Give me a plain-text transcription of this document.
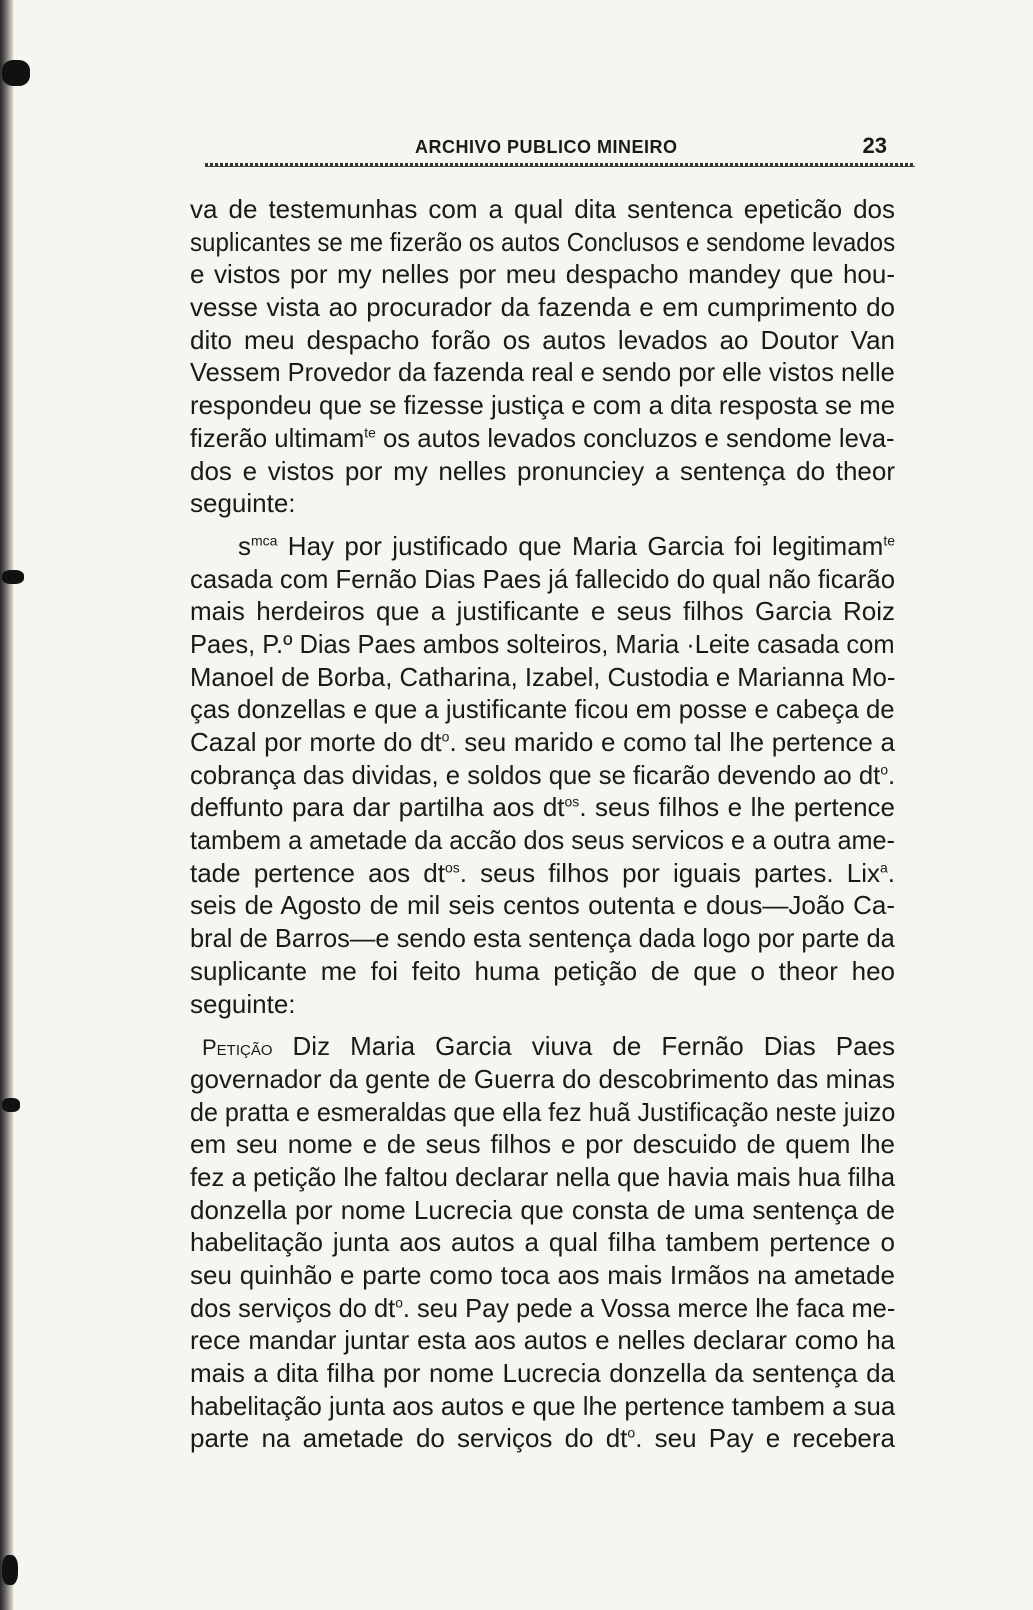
ARCHIVO PUBLICO MINEIRO	23
va de testemunhas com a qual dita sentenca epeticão dos
suplicantes se me fizerão os autos Conclusos e sendome levados
e vistos por my nelles por meu despacho mandey que hou-
vesse vista ao procurador da fazenda e em cumprimento do
dito meu despacho forão os autos levados ao Doutor Van
Vessem Provedor da fazenda real e sendo por elle vistos nelle
respondeu que se fizesse justiça e com a dita resposta se me
fizerão ultimam$^{te}$ os autos levados concluzos e sendome leva-
dos e vistos por my nelles pronunciey a sentença do theor
seguinte:
$s^{mca}$ Hay por justificado que Maria Garcia foi legitimam$^{te}$
casada com Fernão Dias Paes já fallecido do qual não ficarão
mais herdeiros que a justificante e seus filhos Garcia Roiz
Paes, P.º Dias Paes ambos solteiros, Maria ·Leite casada com
Manoel de Borba, Catharina, Izabel, Custodia e Marianna Mo-
ças donzellas e que a justificante ficou em posse e cabeça de
Cazal por morte do $dt^o$. seu marido e como tal lhe pertence a
cobrança das dividas, e soldos que se ficarão devendo ao $dt^o$.
deffunto para dar partilha aos $dt^{os}$. seus filhos e lhe pertence
tambem a ametade da accão dos seus servicos e a outra ame-
tade pertence aos $dt^{os}$. seus filhos por iguais partes. Lix$^a$.
seis de Agosto de mil seis centos outenta e dous—João Ca-
bral de Barros—e sendo esta sentença dada logo por parte da
suplicante me foi feito huma petição de que o theor heo
seguinte:
Petição Diz Maria Garcia viuva de Fernão Dias Paes
governador da gente de Guerra do descobrimento das minas
de pratta e esmeraldas que ella fez huã Justificação neste juizo
em seu nome e de seus filhos e por descuido de quem lhe
fez a petição lhe faltou declarar nella que havia mais hua filha
donzella por nome Lucrecia que consta de uma sentença de
habelitação junta aos autos a qual filha tambem pertence o
seu quinhão e parte como toca aos mais Irmãos na ametade
dos serviços do $dt^o$. seu Pay pede a Vossa merce lhe faca me-
rece mandar juntar esta aos autos e nelles declarar como ha
mais a dita filha por nome Lucrecia donzella da sentença da
habelitação junta aos autos e que lhe pertence tambem a sua
parte na ametade do serviços do $dt^o$. seu Pay e recebera
